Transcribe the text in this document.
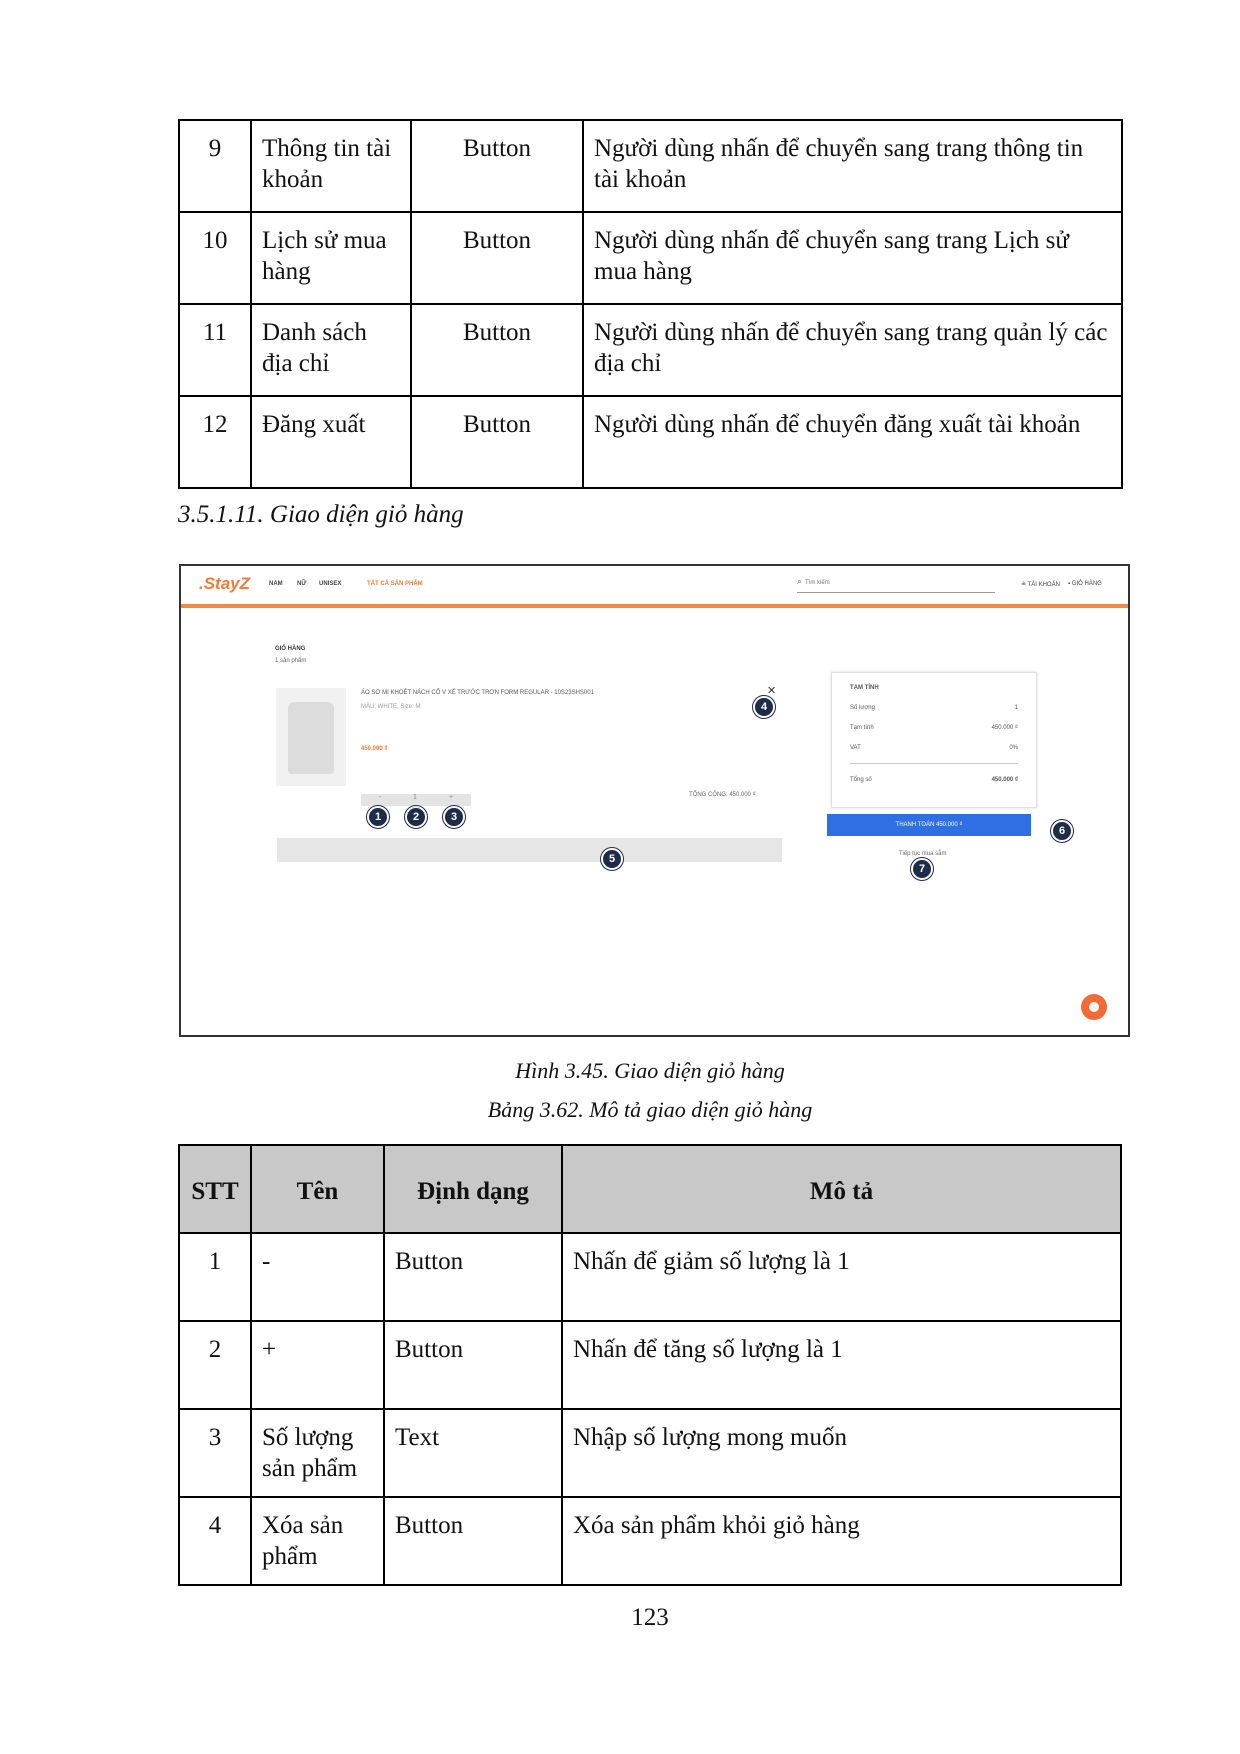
9	Thông tin tài khoản	Button	Người dùng nhấn để chuyển sang trang thông tin tài khoản
10	Lịch sử mua hàng	Button	Người dùng nhấn để chuyển sang trang Lịch sử mua hàng
11	Danh sách địa chỉ	Button	Người dùng nhấn để chuyển sang trang quản lý các địa chỉ
12	Đăng xuất	Button	Người dùng nhấn để chuyển đăng xuất tài khoản
3.5.1.11. Giao diện giỏ hàng
.StayZ	NAM NỮ UNISEX	TẤT CẢ SẢN PHẨM	⌕ Tìm kiếm	≗ TÀI KHOẢN ▪ GIỎ HÀNG
GIỎ HÀNG
1 sản phẩm
ÁO SƠ MI KHOÉT NÁCH CỔ V XẺ TRƯỚC TRƠN FORM REGULAR - 10S23SHS001
MÀU: WHITE, Size: M
450.000 ₫
✕
-	1	+	TỔNG CỘNG: 450.000 ₫
TẠM TÍNH
Số lượng	1
Tạm tính	450.000 ₫
VAT	0%
Tổng số	450.000 ₫
THANH TOÁN 450.000 ₫
Tiếp tục mua sắm
1	2	3
4
5
6
7
Hình 3.45. Giao diện giỏ hàng
Bảng 3.62. Mô tả giao diện giỏ hàng
STT	Tên	Định dạng	Mô tả
1	-	Button	Nhấn để giảm số lượng là 1
2	+	Button	Nhấn để tăng số lượng là 1
3	Số lượng sản phẩm	Text	Nhập số lượng mong muốn
4	Xóa sản phẩm	Button	Xóa sản phẩm khỏi giỏ hàng
123
